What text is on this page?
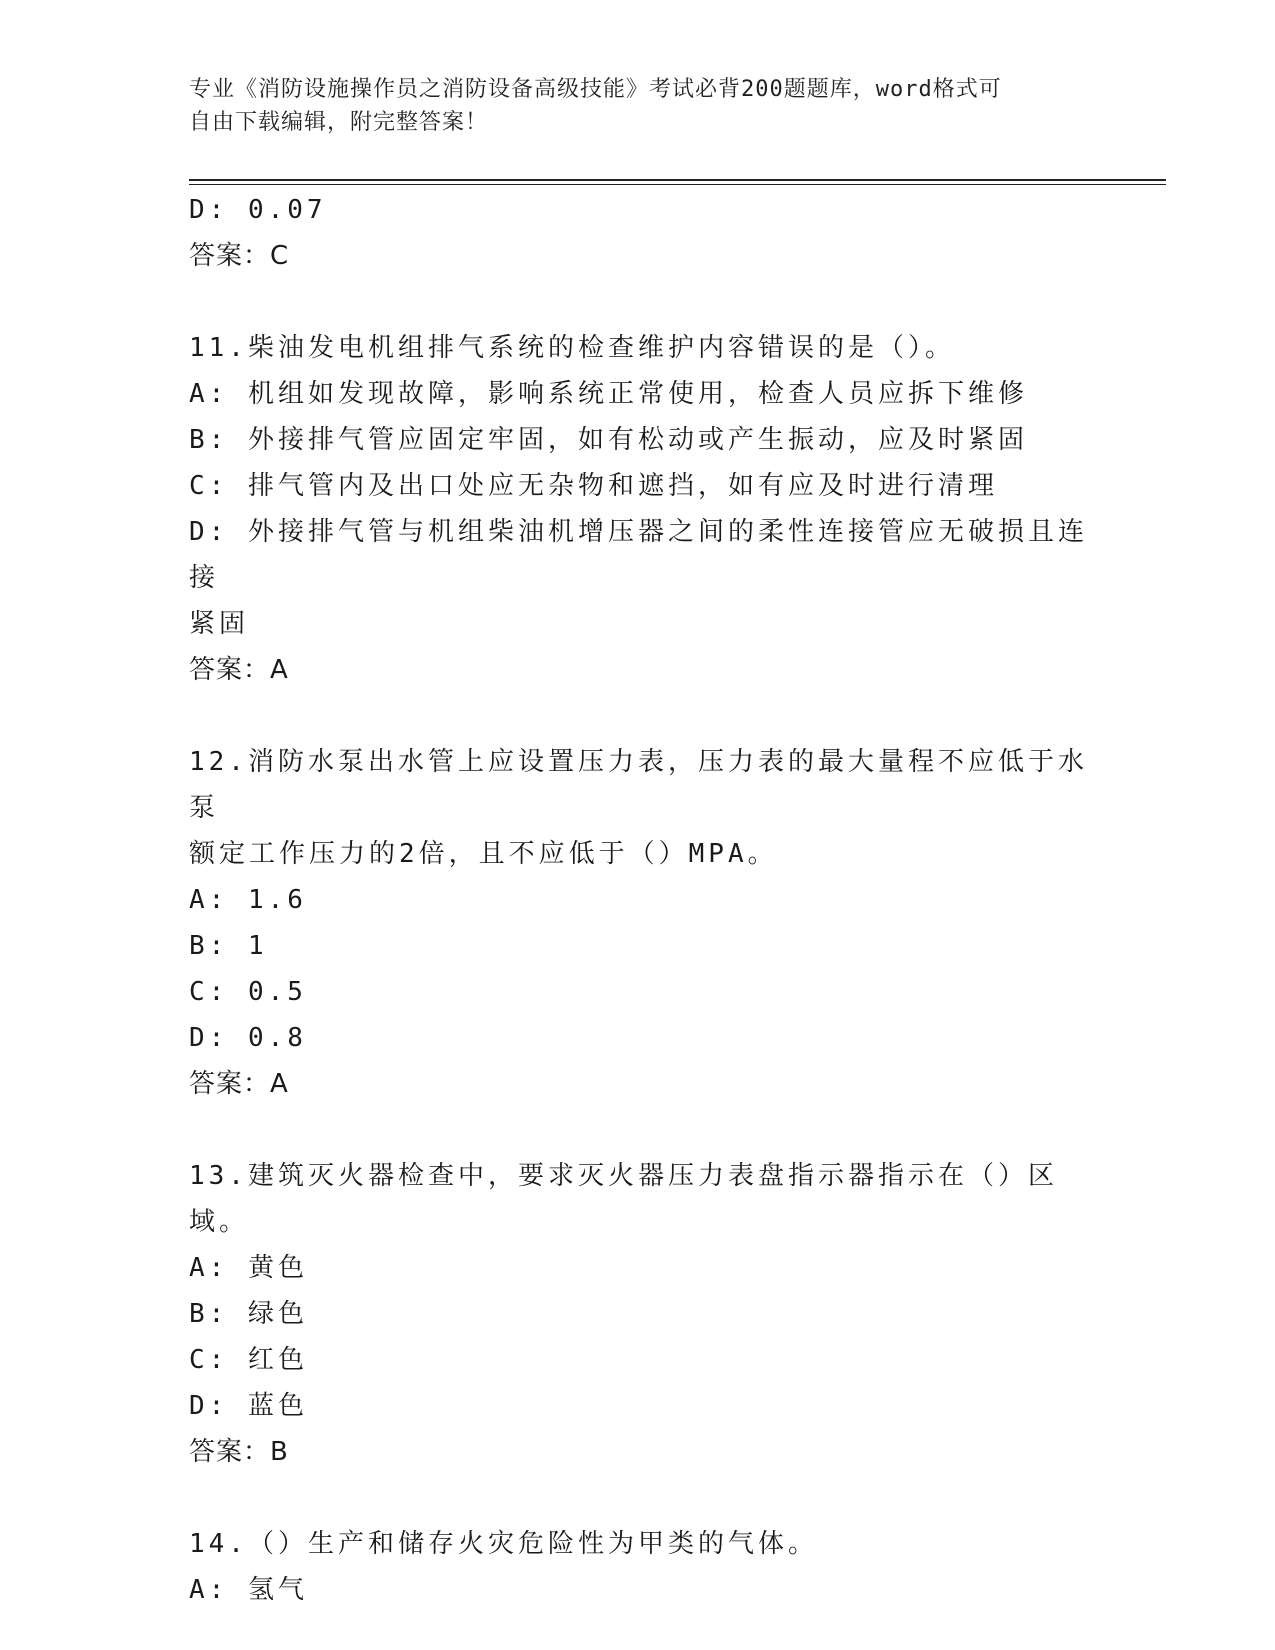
专业《消防设施操作员之消防设备高级技能》考试必背200题题库，word格式可
自由下载编辑，附完整答案！
D: 0.07
答案：C
11.柴油发电机组排气系统的检查维护内容错误的是（）。
A: 机组如发现故障，影响系统正常使用，检查人员应拆下维修
B: 外接排气管应固定牢固，如有松动或产生振动，应及时紧固
C: 排气管内及出口处应无杂物和遮挡，如有应及时进行清理
D: 外接排气管与机组柴油机增压器之间的柔性连接管应无破损且连接
紧固
答案：A
12.消防水泵出水管上应设置压力表，压力表的最大量程不应低于水泵
额定工作压力的2倍，且不应低于（）MPA。
A: 1.6
B: 1
C: 0.5
D: 0.8
答案：A
13.建筑灭火器检查中，要求灭火器压力表盘指示器指示在（）区域。
A: 黄色
B: 绿色
C: 红色
D: 蓝色
答案：B
14.（）生产和储存火灾危险性为甲类的气体。
A: 氢气
